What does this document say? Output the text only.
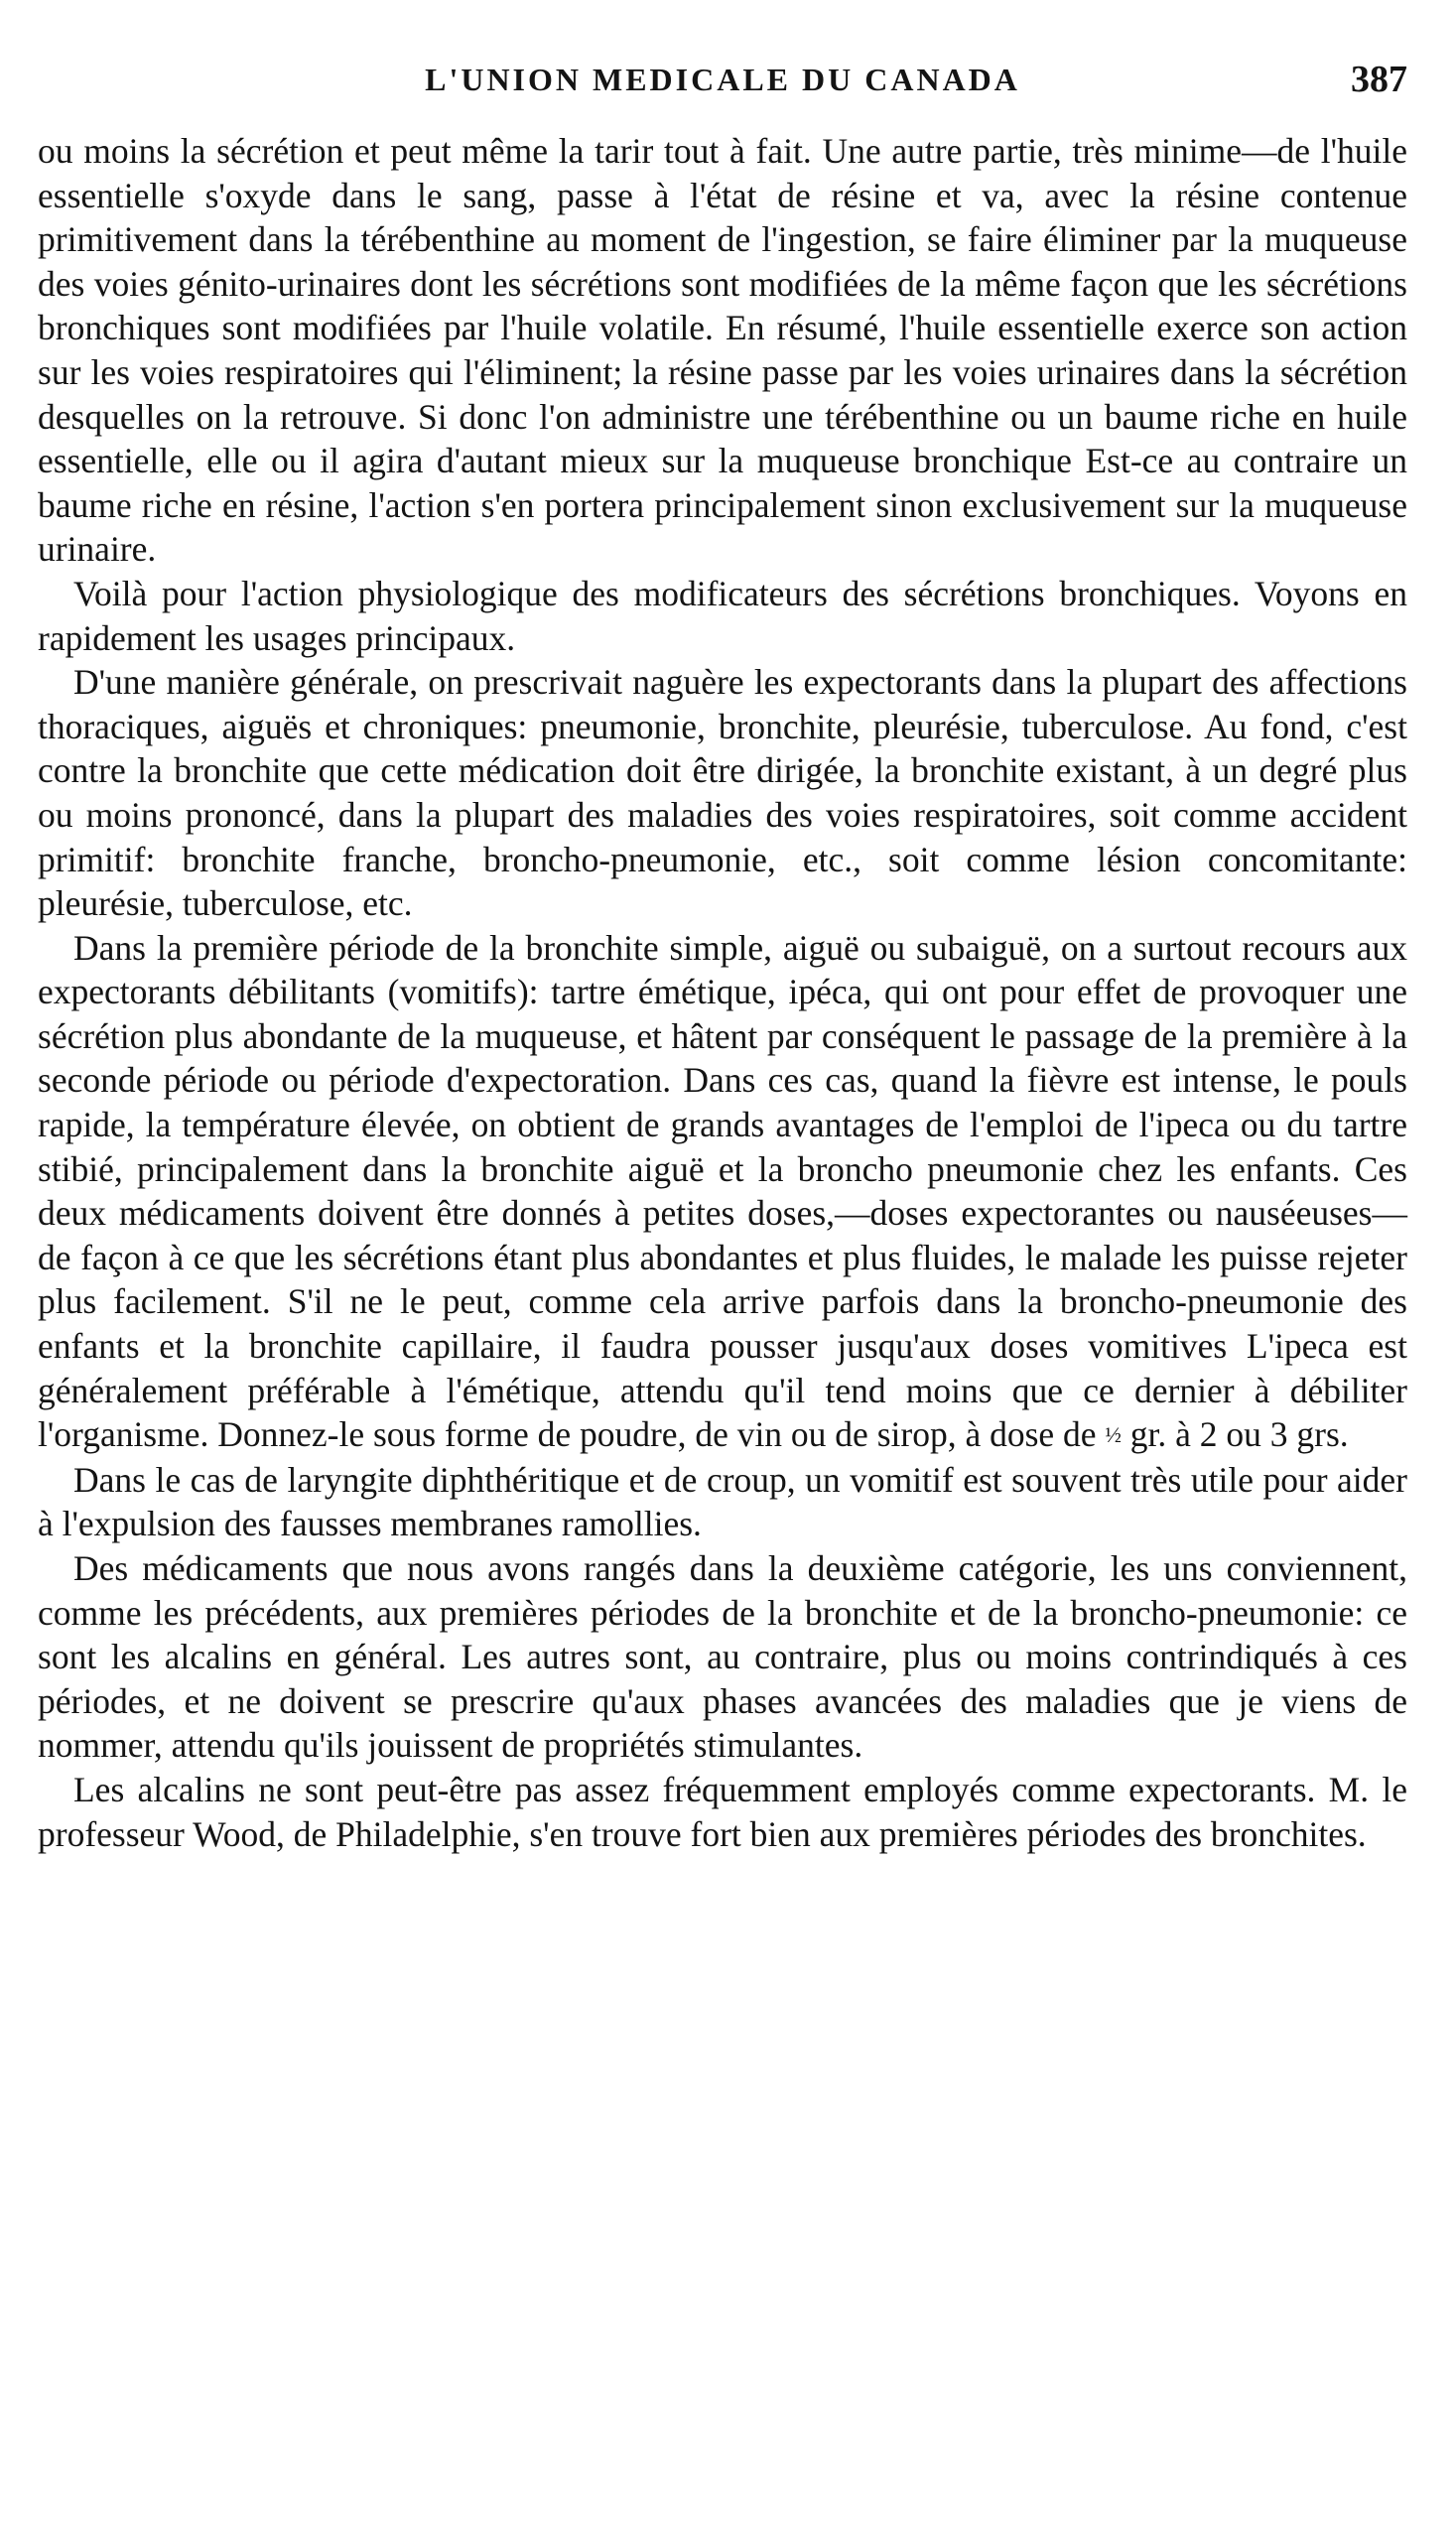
L'UNION MEDICALE DU CANADA	387

ou moins la sécrétion et peut même la tarir tout à fait. Une autre partie, très minime—de l'huile essentielle s'oxyde dans le sang, passe à l'état de résine et va, avec la résine contenue primitivement dans la térébenthine au moment de l'ingestion, se faire éliminer par la muqueuse des voies génito-urinaires dont les sécrétions sont modifiées de la même façon que les sécrétions bronchiques sont modifiées par l'huile volatile. En résumé, l'huile essentielle exerce son action sur les voies respiratoires qui l'éliminent; la résine passe par les voies urinaires dans la sécrétion desquelles on la retrouve. Si donc l'on administre une térébenthine ou un baume riche en huile essentielle, elle ou il agira d'autant mieux sur la muqueuse bronchique Est-ce au contraire un baume riche en résine, l'action s'en portera principalement sinon exclusivement sur la muqueuse urinaire.

Voilà pour l'action physiologique des modificateurs des sécrétions bronchiques. Voyons en rapidement les usages principaux.

D'une manière générale, on prescrivait naguère les expectorants dans la plupart des affections thoraciques, aiguës et chroniques: pneumonie, bronchite, pleurésie, tuberculose. Au fond, c'est contre la bronchite que cette médication doit être dirigée, la bronchite existant, à un degré plus ou moins prononcé, dans la plupart des maladies des voies respiratoires, soit comme accident primitif: bronchite franche, broncho-pneumonie, etc., soit comme lésion concomitante: pleurésie, tuberculose, etc.

Dans la première période de la bronchite simple, aiguë ou subaiguë, on a surtout recours aux expectorants débilitants (vomitifs): tartre émétique, ipéca, qui ont pour effet de provoquer une sécrétion plus abondante de la muqueuse, et hâtent par conséquent le passage de la première à la seconde période ou période d'expectoration. Dans ces cas, quand la fièvre est intense, le pouls rapide, la température élevée, on obtient de grands avantages de l'emploi de l'ipeca ou du tartre stibié, principalement dans la bronchite aiguë et la broncho pneumonie chez les enfants. Ces deux médicaments doivent être donnés à petites doses,—doses expectorantes ou nauséeuses— de façon à ce que les sécrétions étant plus abondantes et plus fluides, le malade les puisse rejeter plus facilement. S'il ne le peut, comme cela arrive parfois dans la broncho-pneumonie des enfants et la bronchite capillaire, il faudra pousser jusqu'aux doses vomitives L'ipeca est généralement préférable à l'émétique, attendu qu'il tend moins que ce dernier à débiliter l'organisme. Donnez-le sous forme de poudre, de vin ou de sirop, à dose de ½ gr. à 2 ou 3 grs.

Dans le cas de laryngite diphthéritique et de croup, un vomitif est souvent très utile pour aider à l'expulsion des fausses membranes ramollies.

Des médicaments que nous avons rangés dans la deuxième catégorie, les uns conviennent, comme les précédents, aux premières périodes de la bronchite et de la broncho-pneumonie: ce sont les alcalins en général. Les autres sont, au contraire, plus ou moins contrindiqués à ces périodes, et ne doivent se prescrire qu'aux phases avancées des maladies que je viens de nommer, attendu qu'ils jouissent de propriétés stimulantes.

Les alcalins ne sont peut-être pas assez fréquemment employés comme expectorants. M. le professeur Wood, de Philadelphie, s'en trouve fort bien aux premières périodes des bronchites.
